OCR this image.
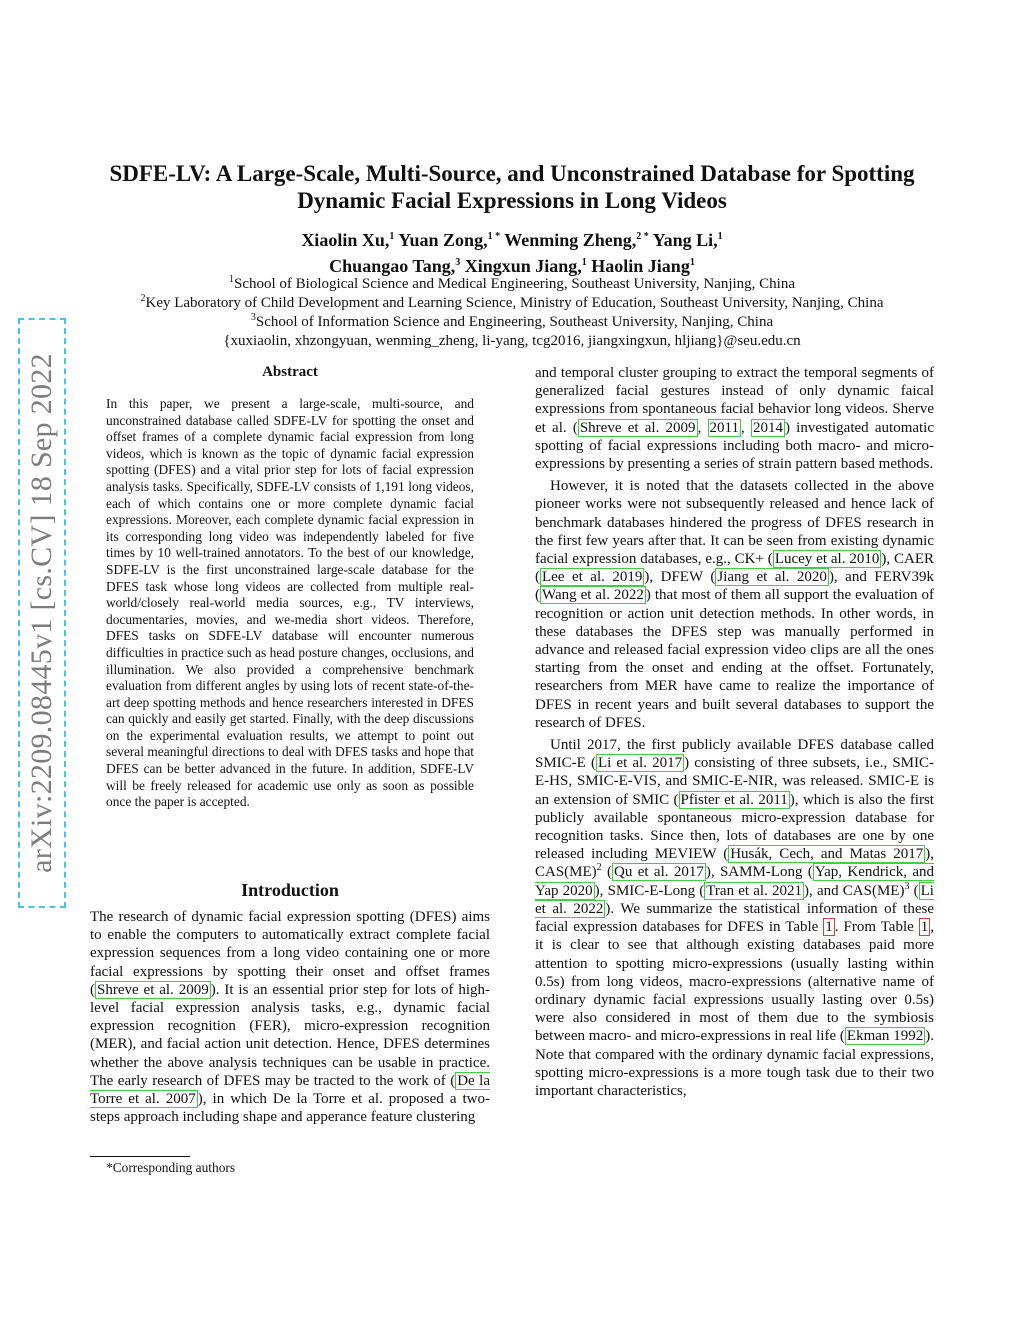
arXiv:2209.08445v1 [cs.CV] 18 Sep 2022
SDFE-LV: A Large-Scale, Multi-Source, and Unconstrained Database for Spotting Dynamic Facial Expressions in Long Videos
Xiaolin Xu,$^1$ Yuan Zong,$^{1 *}$ Wenming Zheng,$^{2 *}$ Yang Li,$^1$
Chuangao Tang,$^3$ Xingxun Jiang,$^1$ Haolin Jiang$^1$
$^1$School of Biological Science and Medical Engineering, Southeast University, Nanjing, China
$^2$Key Laboratory of Child Development and Learning Science, Ministry of Education, Southeast University, Nanjing, China
$^3$School of Information Science and Engineering, Southeast University, Nanjing, China
{xuxiaolin, xhzongyuan, wenming_zheng, li-yang, tcg2016, jiangxingxun, hljiang}@seu.edu.cn
Abstract
In this paper, we present a large-scale, multi-source, and unconstrained database called SDFE-LV for spotting the onset and offset frames of a complete dynamic facial expression from long videos, which is known as the topic of dynamic facial expression spotting (DFES) and a vital prior step for lots of facial expression analysis tasks. Specifically, SDFE-LV consists of 1,191 long videos, each of which contains one or more complete dynamic facial expressions. Moreover, each complete dynamic facial expression in its corresponding long video was independently labeled for five times by 10 well-trained annotators. To the best of our knowledge, SDFE-LV is the first unconstrained large-scale database for the DFES task whose long videos are collected from multiple real-world/closely real-world media sources, e.g., TV interviews, documentaries, movies, and we-media short videos. Therefore, DFES tasks on SDFE-LV database will encounter numerous difficulties in practice such as head posture changes, occlusions, and illumination. We also provided a comprehensive benchmark evaluation from different angles by using lots of recent state-of-the-art deep spotting methods and hence researchers interested in DFES can quickly and easily get started. Finally, with the deep discussions on the experimental evaluation results, we attempt to point out several meaningful directions to deal with DFES tasks and hope that DFES can be better advanced in the future. In addition, SDFE-LV will be freely released for academic use only as soon as possible once the paper is accepted.
Introduction

The research of dynamic facial expression spotting (DFES) aims to enable the computers to automatically extract complete facial expression sequences from a long video containing one or more facial expressions by spotting their onset and offset frames ( Shreve et al. 2009 ). It is an essential prior step for lots of high-level facial expression analysis tasks, e.g., dynamic facial expression recognition (FER), micro-expression recognition (MER), and facial action unit detection. Hence, DFES determines whether the above analysis techniques can be usable in practice. The early research of DFES may be tracted to the work of ( De la Torre et al. 2007 ), in which De la Torre et al. proposed a two-steps approach including shape and apperance feature clustering

*Corresponding authors

and temporal cluster grouping to extract the temporal segments of generalized facial gestures instead of only dynamic faical expressions from spontaneous facial behavior long videos. Sherve et al. ( Shreve et al. 2009 , 2011 , 2014 ) investigated automatic spotting of facial expressions including both macro- and micro-expressions by presenting a series of strain pattern based methods.

However, it is noted that the datasets collected in the above pioneer works were not subsequently released and hence lack of benchmark databases hindered the progress of DFES research in the first few years after that. It can be seen from existing dynamic facial expression databases, e.g., CK+ ( Lucey et al. 2010 ), CAER ( Lee et al. 2019 ), DFEW ( Jiang et al. 2020 ), and FERV39k ( Wang et al. 2022 ) that most of them all support the evaluation of recognition or action unit detection methods. In other words, in these databases the DFES step was manually performed in advance and released facial expression video clips are all the ones starting from the onset and ending at the offset. Fortunately, researchers from MER have came to realize the importance of DFES in recent years and built several databases to support the research of DFES.

Until 2017, the first publicly available DFES database called SMIC-E ( Li et al. 2017 ) consisting of three subsets, i.e., SMIC-E-HS, SMIC-E-VIS, and SMIC-E-NIR, was released. SMIC-E is an extension of SMIC ( Pfister et al. 2011 ), which is also the first publicly available spontaneous micro-expression database for recognition tasks. Since then, lots of databases are one by one released including MEVIEW ( Husák, Cech, and Matas 2017 ), CAS(ME)$^2$ ( Qu et al. 2017 ), SAMM-Long ( Yap, Kendrick, and Yap 2020 ), SMIC-E-Long ( Tran et al. 2021 ), and CAS(ME)$^3$ ( Li et al. 2022 ). We summarize the statistical information of these facial expression databases for DFES in Table 1 . From Table 1 , it is clear to see that although existing databases paid more attention to spotting micro-expressions (usually lasting within 0.5s) from long videos, macro-expressions (alternative name of ordinary dynamic facial expressions usually lasting over 0.5s) were also considered in most of them due to the symbiosis between macro- and micro-expressions in real life ( Ekman 1992 ). Note that compared with the ordinary dynamic facial expressions, spotting micro-expressions is a more tough task due to their two important characteristics,
